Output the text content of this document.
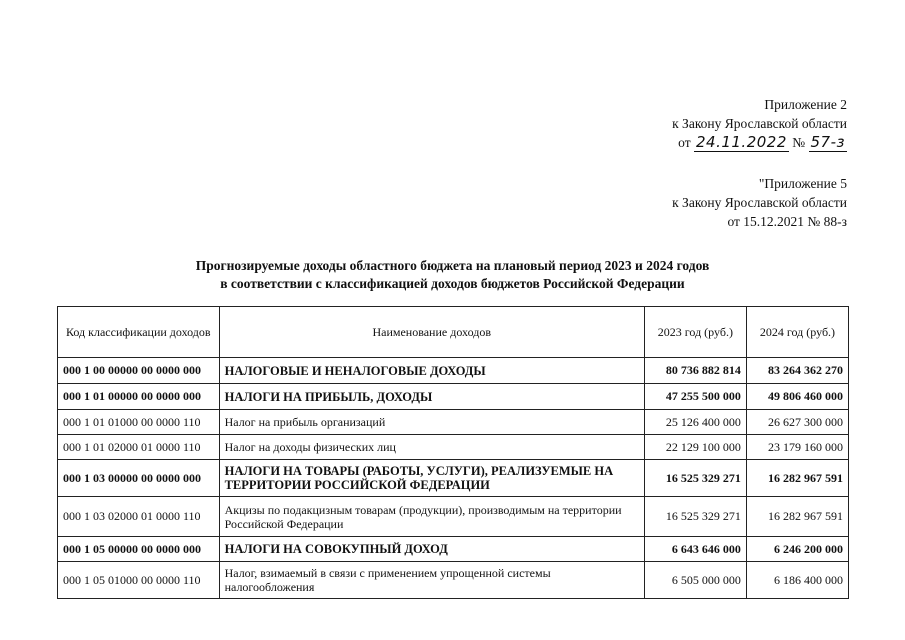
Приложение 2
к Закону Ярославской области
от 24.11.2022 № 57-з
"Приложение 5
к Закону Ярославской области
от 15.12.2021 № 88-з
Прогнозируемые доходы областного бюджета на плановый период 2023 и 2024 годов
в соответствии с классификацией доходов бюджетов Российской Федерации
Код классификации доходов	Наименование доходов	2023 год (руб.)	2024 год (руб.)
000 1 00 00000 00 0000 000	НАЛОГОВЫЕ И НЕНАЛОГОВЫЕ ДОХОДЫ	80 736 882 814	83 264 362 270
000 1 01 00000 00 0000 000	НАЛОГИ НА ПРИБЫЛЬ, ДОХОДЫ	47 255 500 000	49 806 460 000
000 1 01 01000 00 0000 110	Налог на прибыль организаций	25 126 400 000	26 627 300 000
000 1 01 02000 01 0000 110	Налог на доходы физических лиц	22 129 100 000	23 179 160 000
000 1 03 00000 00 0000 000	НАЛОГИ НА ТОВАРЫ (РАБОТЫ, УСЛУГИ), РЕАЛИЗУЕМЫЕ НА ТЕРРИТОРИИ РОССИЙСКОЙ ФЕДЕРАЦИИ	16 525 329 271	16 282 967 591
000 1 03 02000 01 0000 110	Акцизы по подакцизным товарам (продукции), производимым на территории Российской Федерации	16 525 329 271	16 282 967 591
000 1 05 00000 00 0000 000	НАЛОГИ НА СОВОКУПНЫЙ ДОХОД	6 643 646 000	6 246 200 000
000 1 05 01000 00 0000 110	Налог, взимаемый в связи с применением упрощенной системы налогообложения	6 505 000 000	6 186 400 000
